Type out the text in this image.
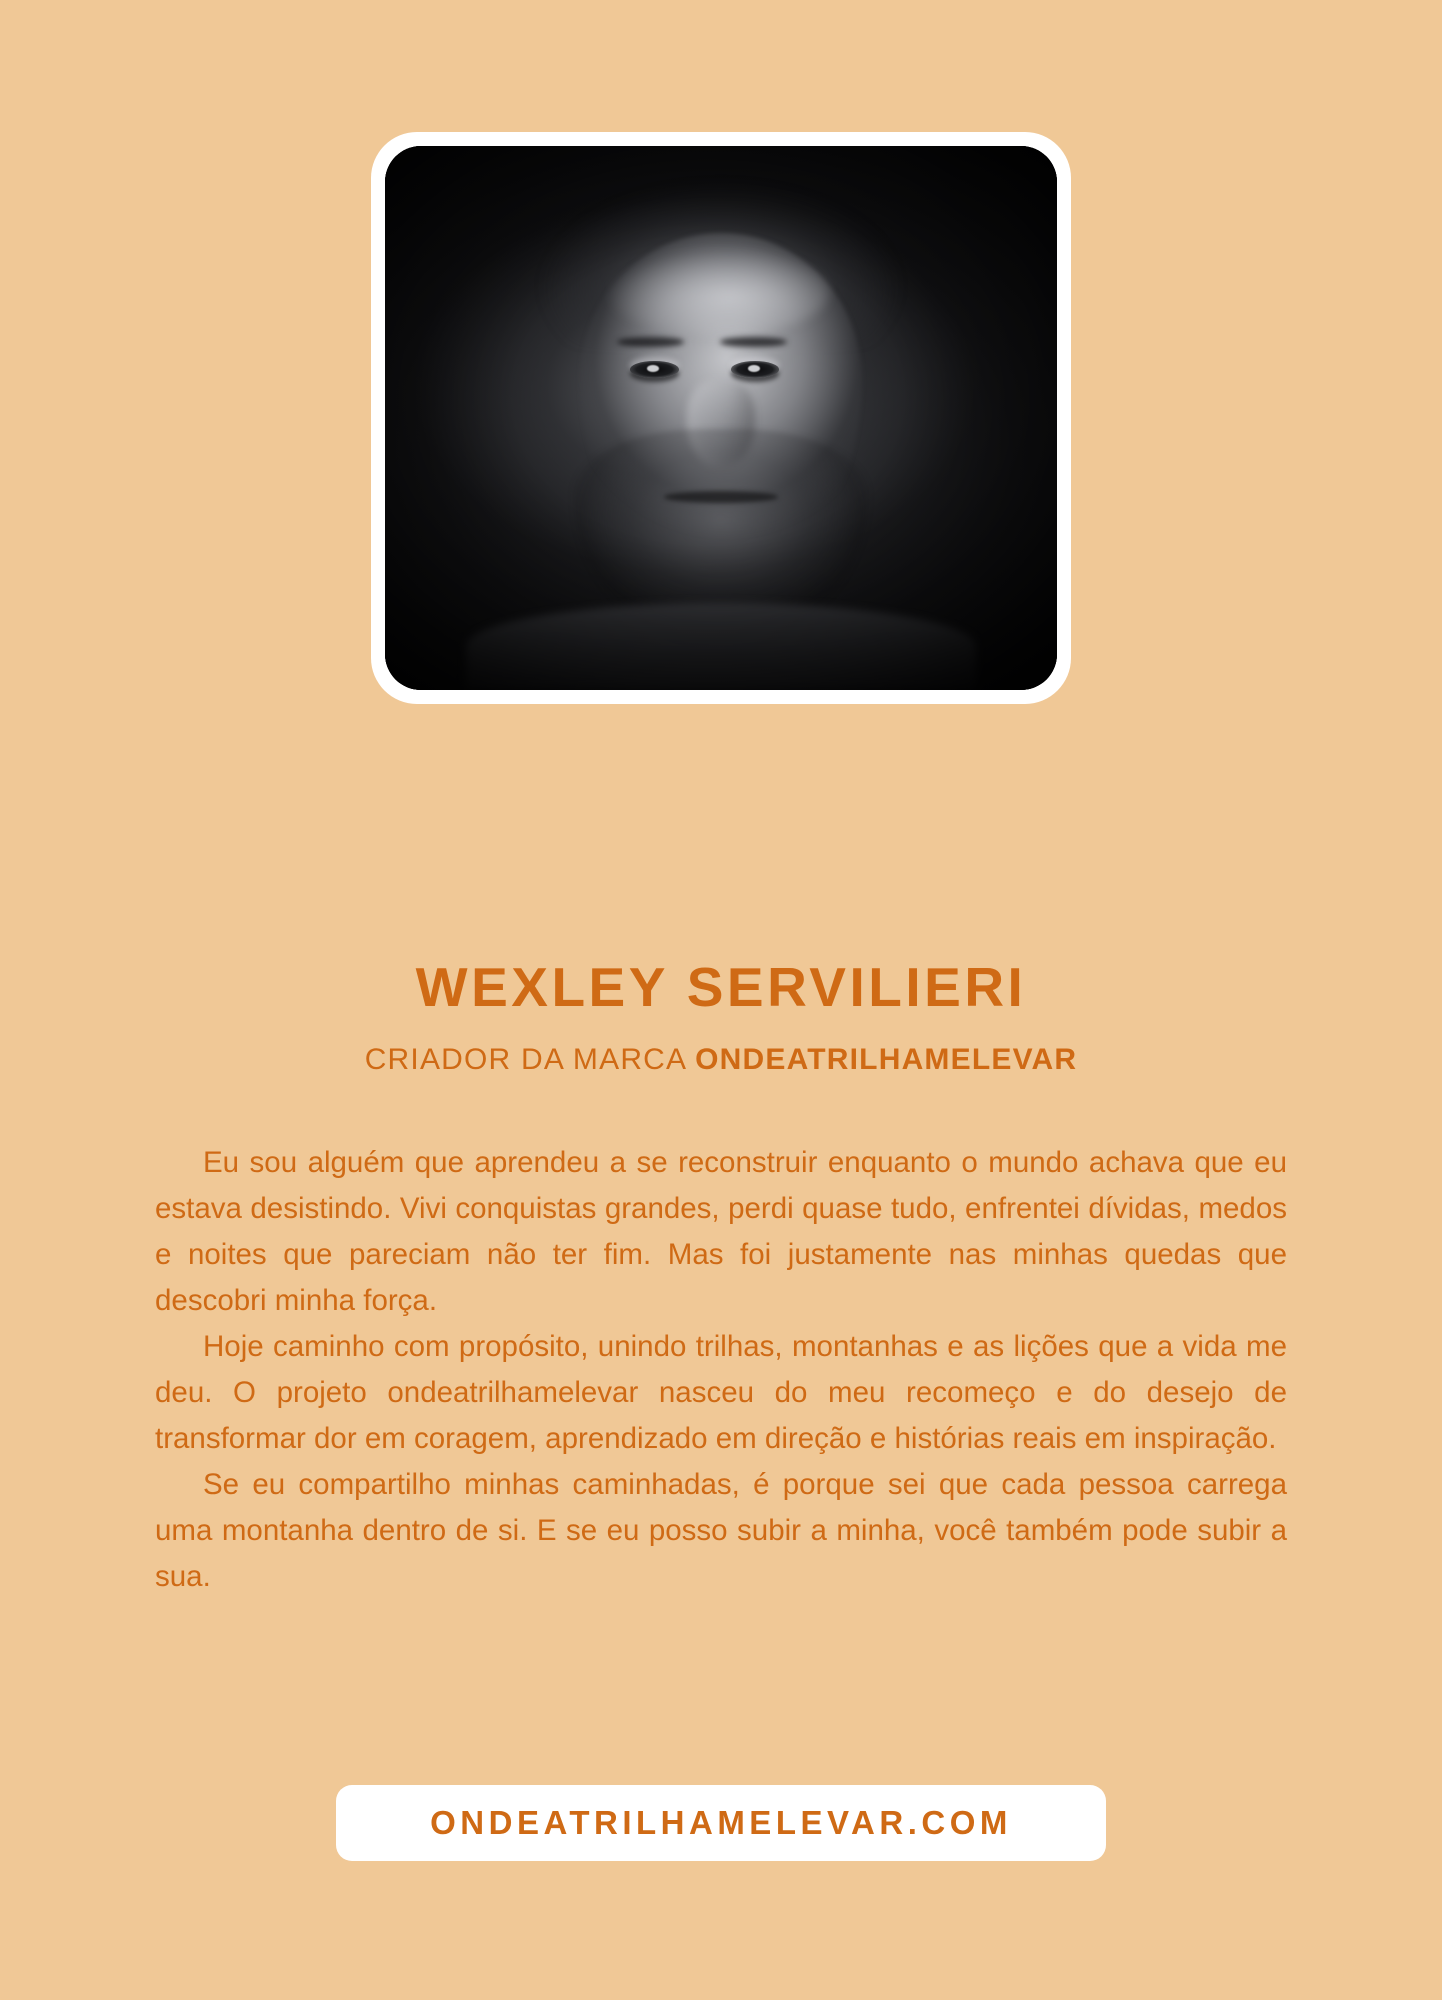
WEXLEY SERVILIERI
CRIADOR DA MARCA ONDEATRILHAMELEVAR

Eu sou alguém que aprendeu a se reconstruir enquanto o mundo achava que eu estava desistindo. Vivi conquistas grandes, perdi quase tudo, enfrentei dívidas, medos e noites que pareciam não ter fim. Mas foi justamente nas minhas quedas que descobri minha força.

Hoje caminho com propósito, unindo trilhas, montanhas e as lições que a vida me deu. O projeto ondeatrilhamelevar nasceu do meu recomeço e do desejo de transformar dor em coragem, aprendizado em direção e histórias reais em inspiração.

Se eu compartilho minhas caminhadas, é porque sei que cada pessoa carrega uma montanha dentro de si. E se eu posso subir a minha, você também pode subir a sua.

ONDEATRILHAMELEVAR.COM
